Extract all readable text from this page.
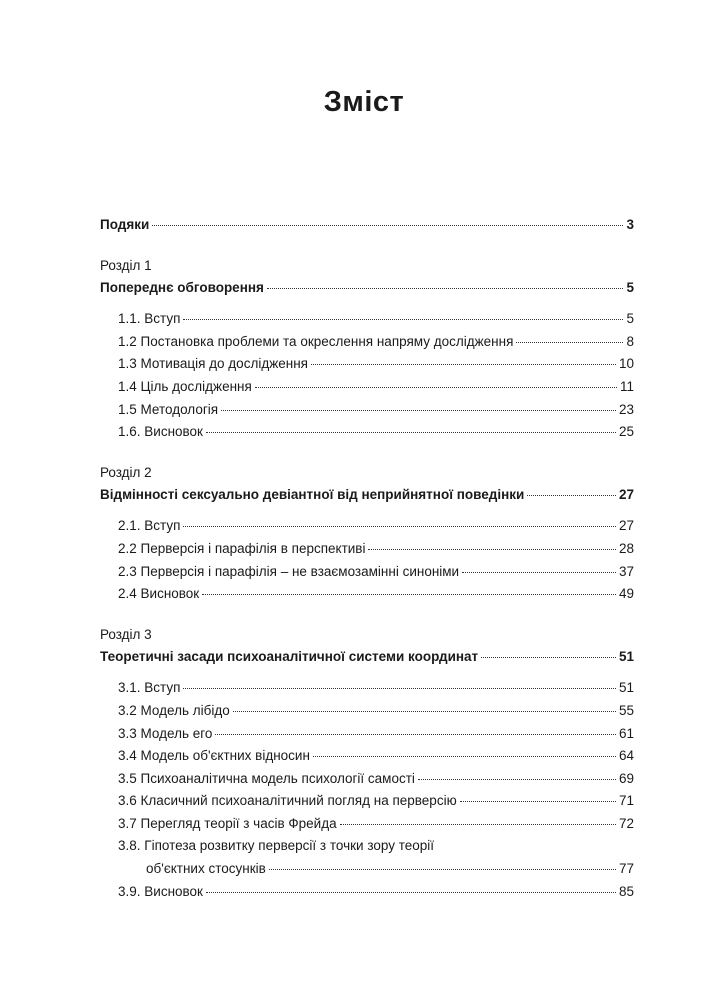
Зміст
Подяки	3
Розділ 1
Попереднє обговорення	5
1.1. Вступ	5
1.2 Постановка проблеми та окреслення напряму дослідження	8
1.3 Мотивація до дослідження	10
1.4 Ціль дослідження	11
1.5 Методологія	23
1.6. Висновок	25
Розділ 2
Відмінності сексуально девіантної від неприйнятної поведінки	27
2.1. Вступ	27
2.2 Перверсія і парафілія в перспективі	28
2.3 Перверсія і парафілія – не взаємозамінні синоніми	37
2.4 Висновок	49
Розділ 3
Теоретичні засади психоаналітичної системи координат	51
3.1. Вступ	51
3.2 Модель лібідо	55
3.3 Модель его	61
3.4 Модель об'єктних відносин	64
3.5 Психоаналітична модель психології самості	69
3.6 Класичний психоаналітичний погляд на перверсію	71
3.7 Перегляд теорії з часів Фрейда	72
3.8. Гіпотеза розвитку перверсії з точки зору теорії
об'єктних стосунків	77
3.9. Висновок	85
